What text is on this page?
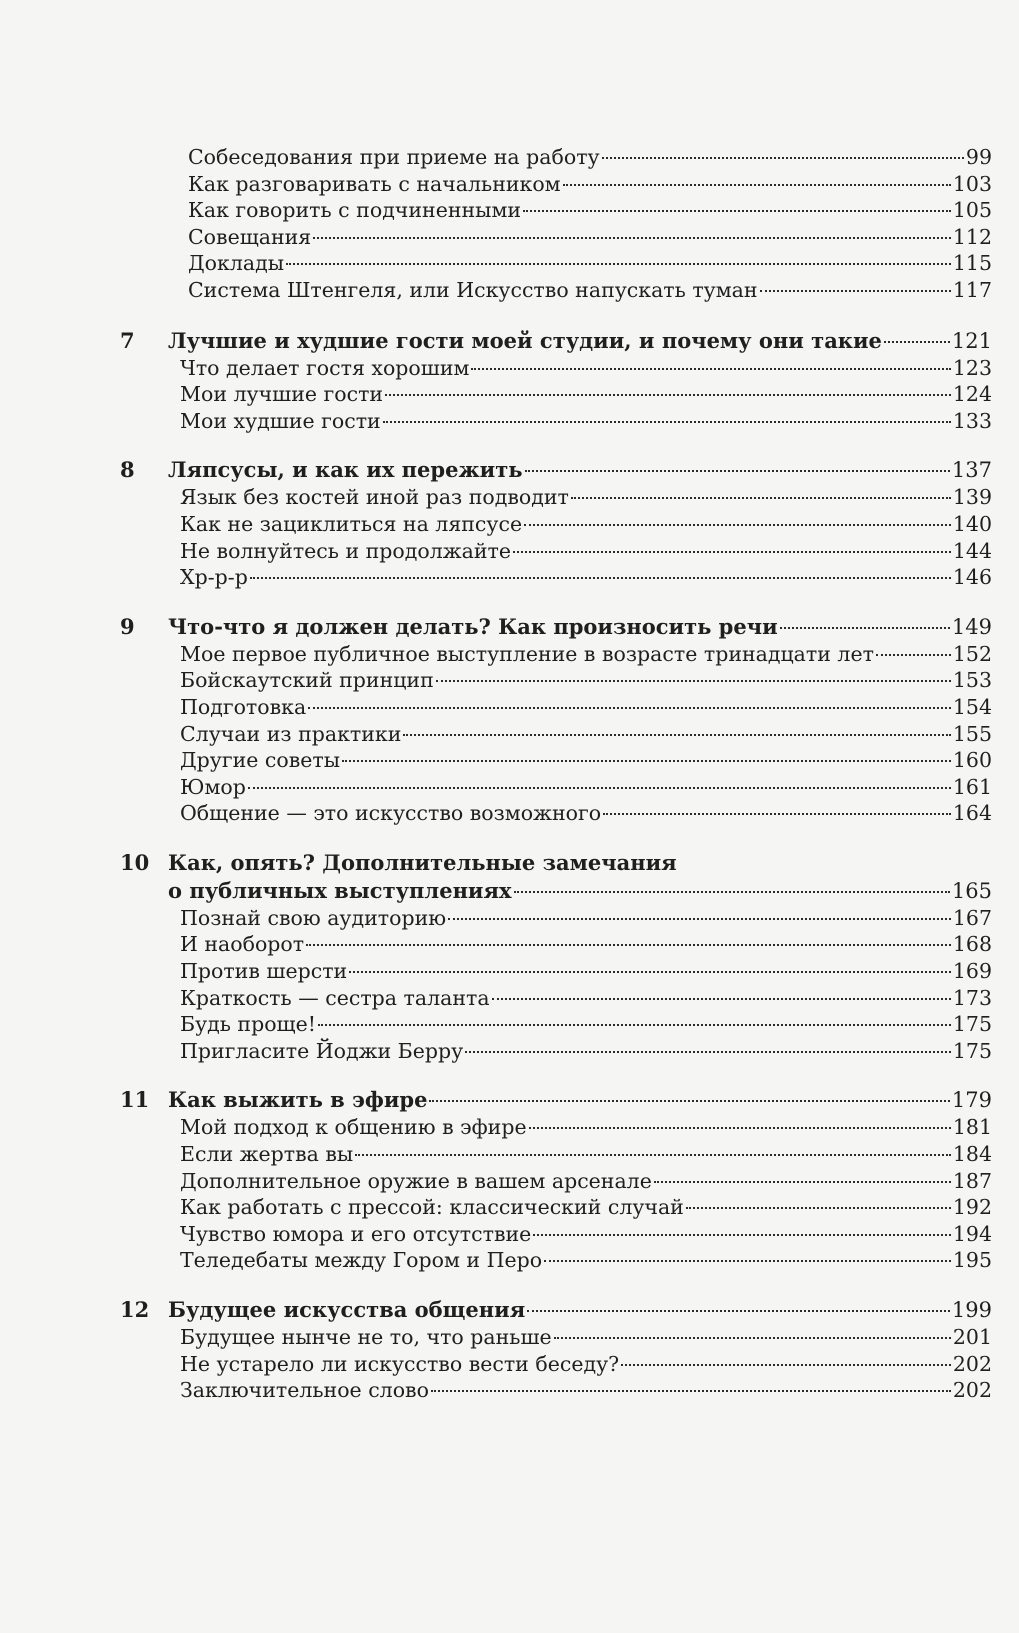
Собеседования при приеме на работу	99
Как разговаривать с начальником	103
Как говорить с подчиненными	105
Совещания	112
Доклады	115
Система Штенгеля, или Искусство напускать туман	117
7	Лучшие и худшие гости моей студии, и почему они такие	121
Что делает гостя хорошим	123
Мои лучшие гости	124
Мои худшие гости	133
8	Ляпсусы, и как их пережить	137
Язык без костей иной раз подводит	139
Как не зациклиться на ляпсусе	140
Не волнуйтесь и продолжайте	144
Хр-р-р	146
9	Что-что я должен делать? Как произносить речи	149
Мое первое публичное выступление в возрасте тринадцати лет	152
Бойскаутский принцип	153
Подготовка	154
Случаи из практики	155
Другие советы	160
Юмор	161
Общение — это искусство возможного	164
10 Как, опять? Дополнительные замечания
о публичных выступлениях	165
Познай свою аудиторию	167
И наоборот	168
Против шерсти	169
Краткость — сестра таланта	173
Будь проще!	175
Пригласите Йоджи Берру	175
11 Как выжить в эфире	179
Мой подход к общению в эфире	181
Если жертва вы	184
Дополнительное оружие в вашем арсенале	187
Как работать с прессой: классический случай	192
Чувство юмора и его отсутствие	194
Теледебаты между Гором и Перо	195
12 Будущее искусства общения	199
Будущее нынче не то, что раньше	201
Не устарело ли искусство вести беседу?	202
Заключительное слово	202
